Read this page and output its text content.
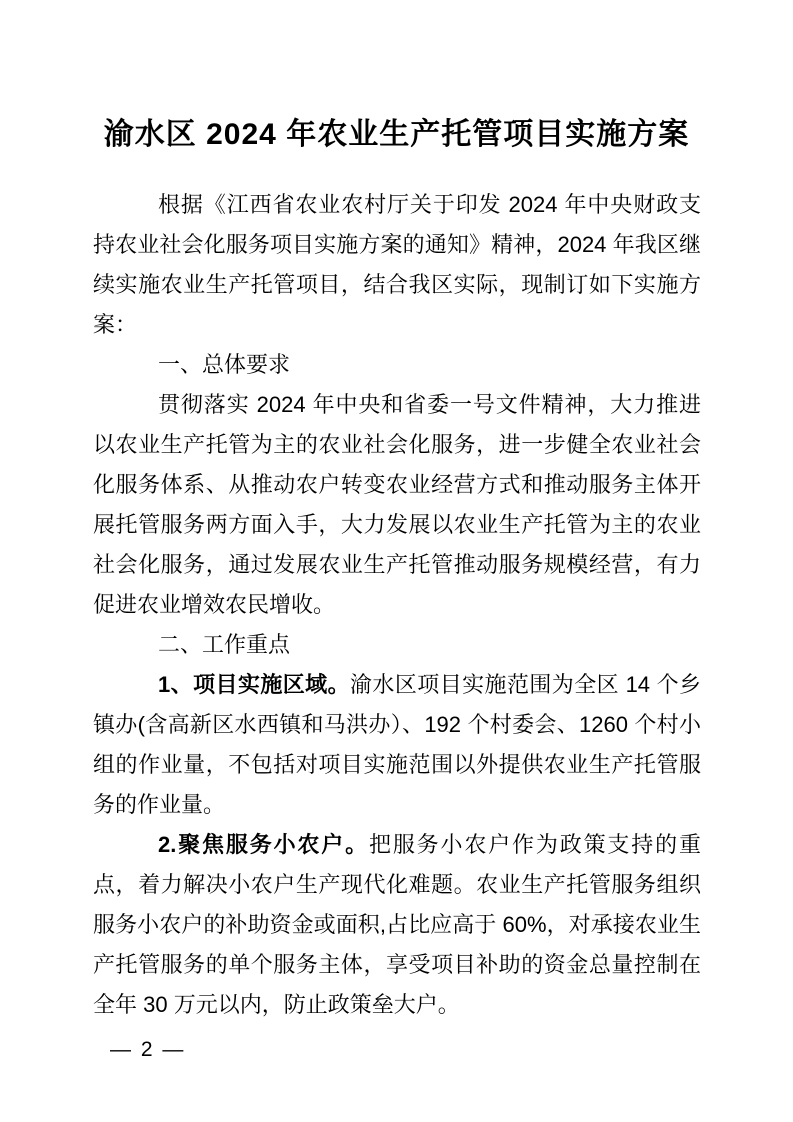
渝水区 2024 年农业生产托管项目实施方案

根据《江西省农业农村厅关于印发 2024 年中央财政支持农业社会化服务项目实施方案的通知》精神，2024 年我区继续实施农业生产托管项目，结合我区实际，现制订如下实施方案：

一、总体要求

贯彻落实 2024 年中央和省委一号文件精神，大力推进以农业生产托管为主的农业社会化服务，进一步健全农业社会化服务体系、从推动农户转变农业经营方式和推动服务主体开展托管服务两方面入手，大力发展以农业生产托管为主的农业社会化服务，通过发展农业生产托管推动服务规模经营，有力促进农业增效农民增收。

二、工作重点

1、项目实施区域。渝水区项目实施范围为全区 14 个乡镇办(含高新区水西镇和马洪办）、192 个村委会、1260 个村小组的作业量，不包括对项目实施范围以外提供农业生产托管服务的作业量。

2.聚焦服务小农户。把服务小农户作为政策支持的重点，着力解决小农户生产现代化难题。农业生产托管服务组织服务小农户的补助资金或面积,占比应高于 60%，对承接农业生产托管服务的单个服务主体，享受项目补助的资金总量控制在全年 30 万元以内，防止政策垒大户。

— 2 —
